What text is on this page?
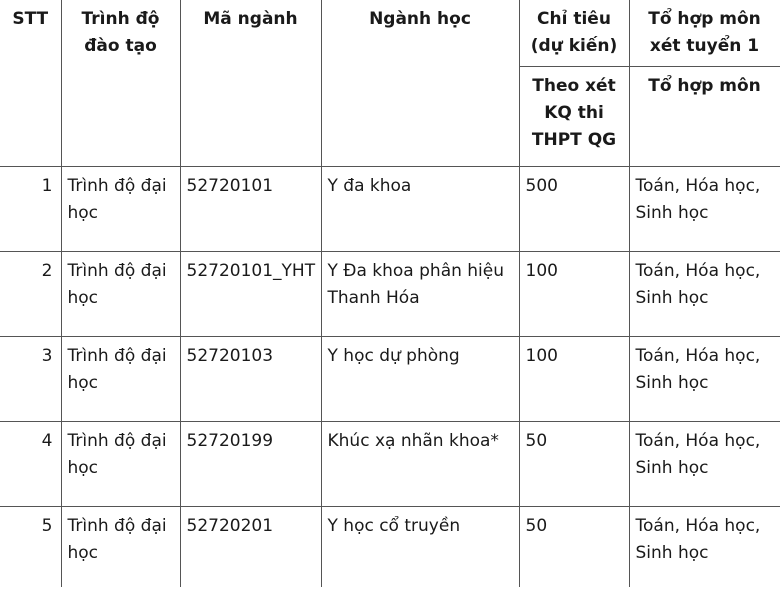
STT	Trình độ đào tạo	Mã ngành	Ngành học	Chỉ tiêu (dự kiến)	Tổ hợp môn xét tuyển 1
				Theo xét KQ thi THPT QG	Tổ hợp môn
1	Trình độ đại học	52720101	Y đa khoa	500	Toán, Hóa học, Sinh học
2	Trình độ đại học	52720101_YHT	Y Đa khoa phân hiệu Thanh Hóa	100	Toán, Hóa học, Sinh học
3	Trình độ đại học	52720103	Y học dự phòng	100	Toán, Hóa học, Sinh học
4	Trình độ đại học	52720199	Khúc xạ nhãn khoa*	50	Toán, Hóa học, Sinh học
5	Trình độ đại học	52720201	Y học cổ truyền	50	Toán, Hóa học, Sinh học
